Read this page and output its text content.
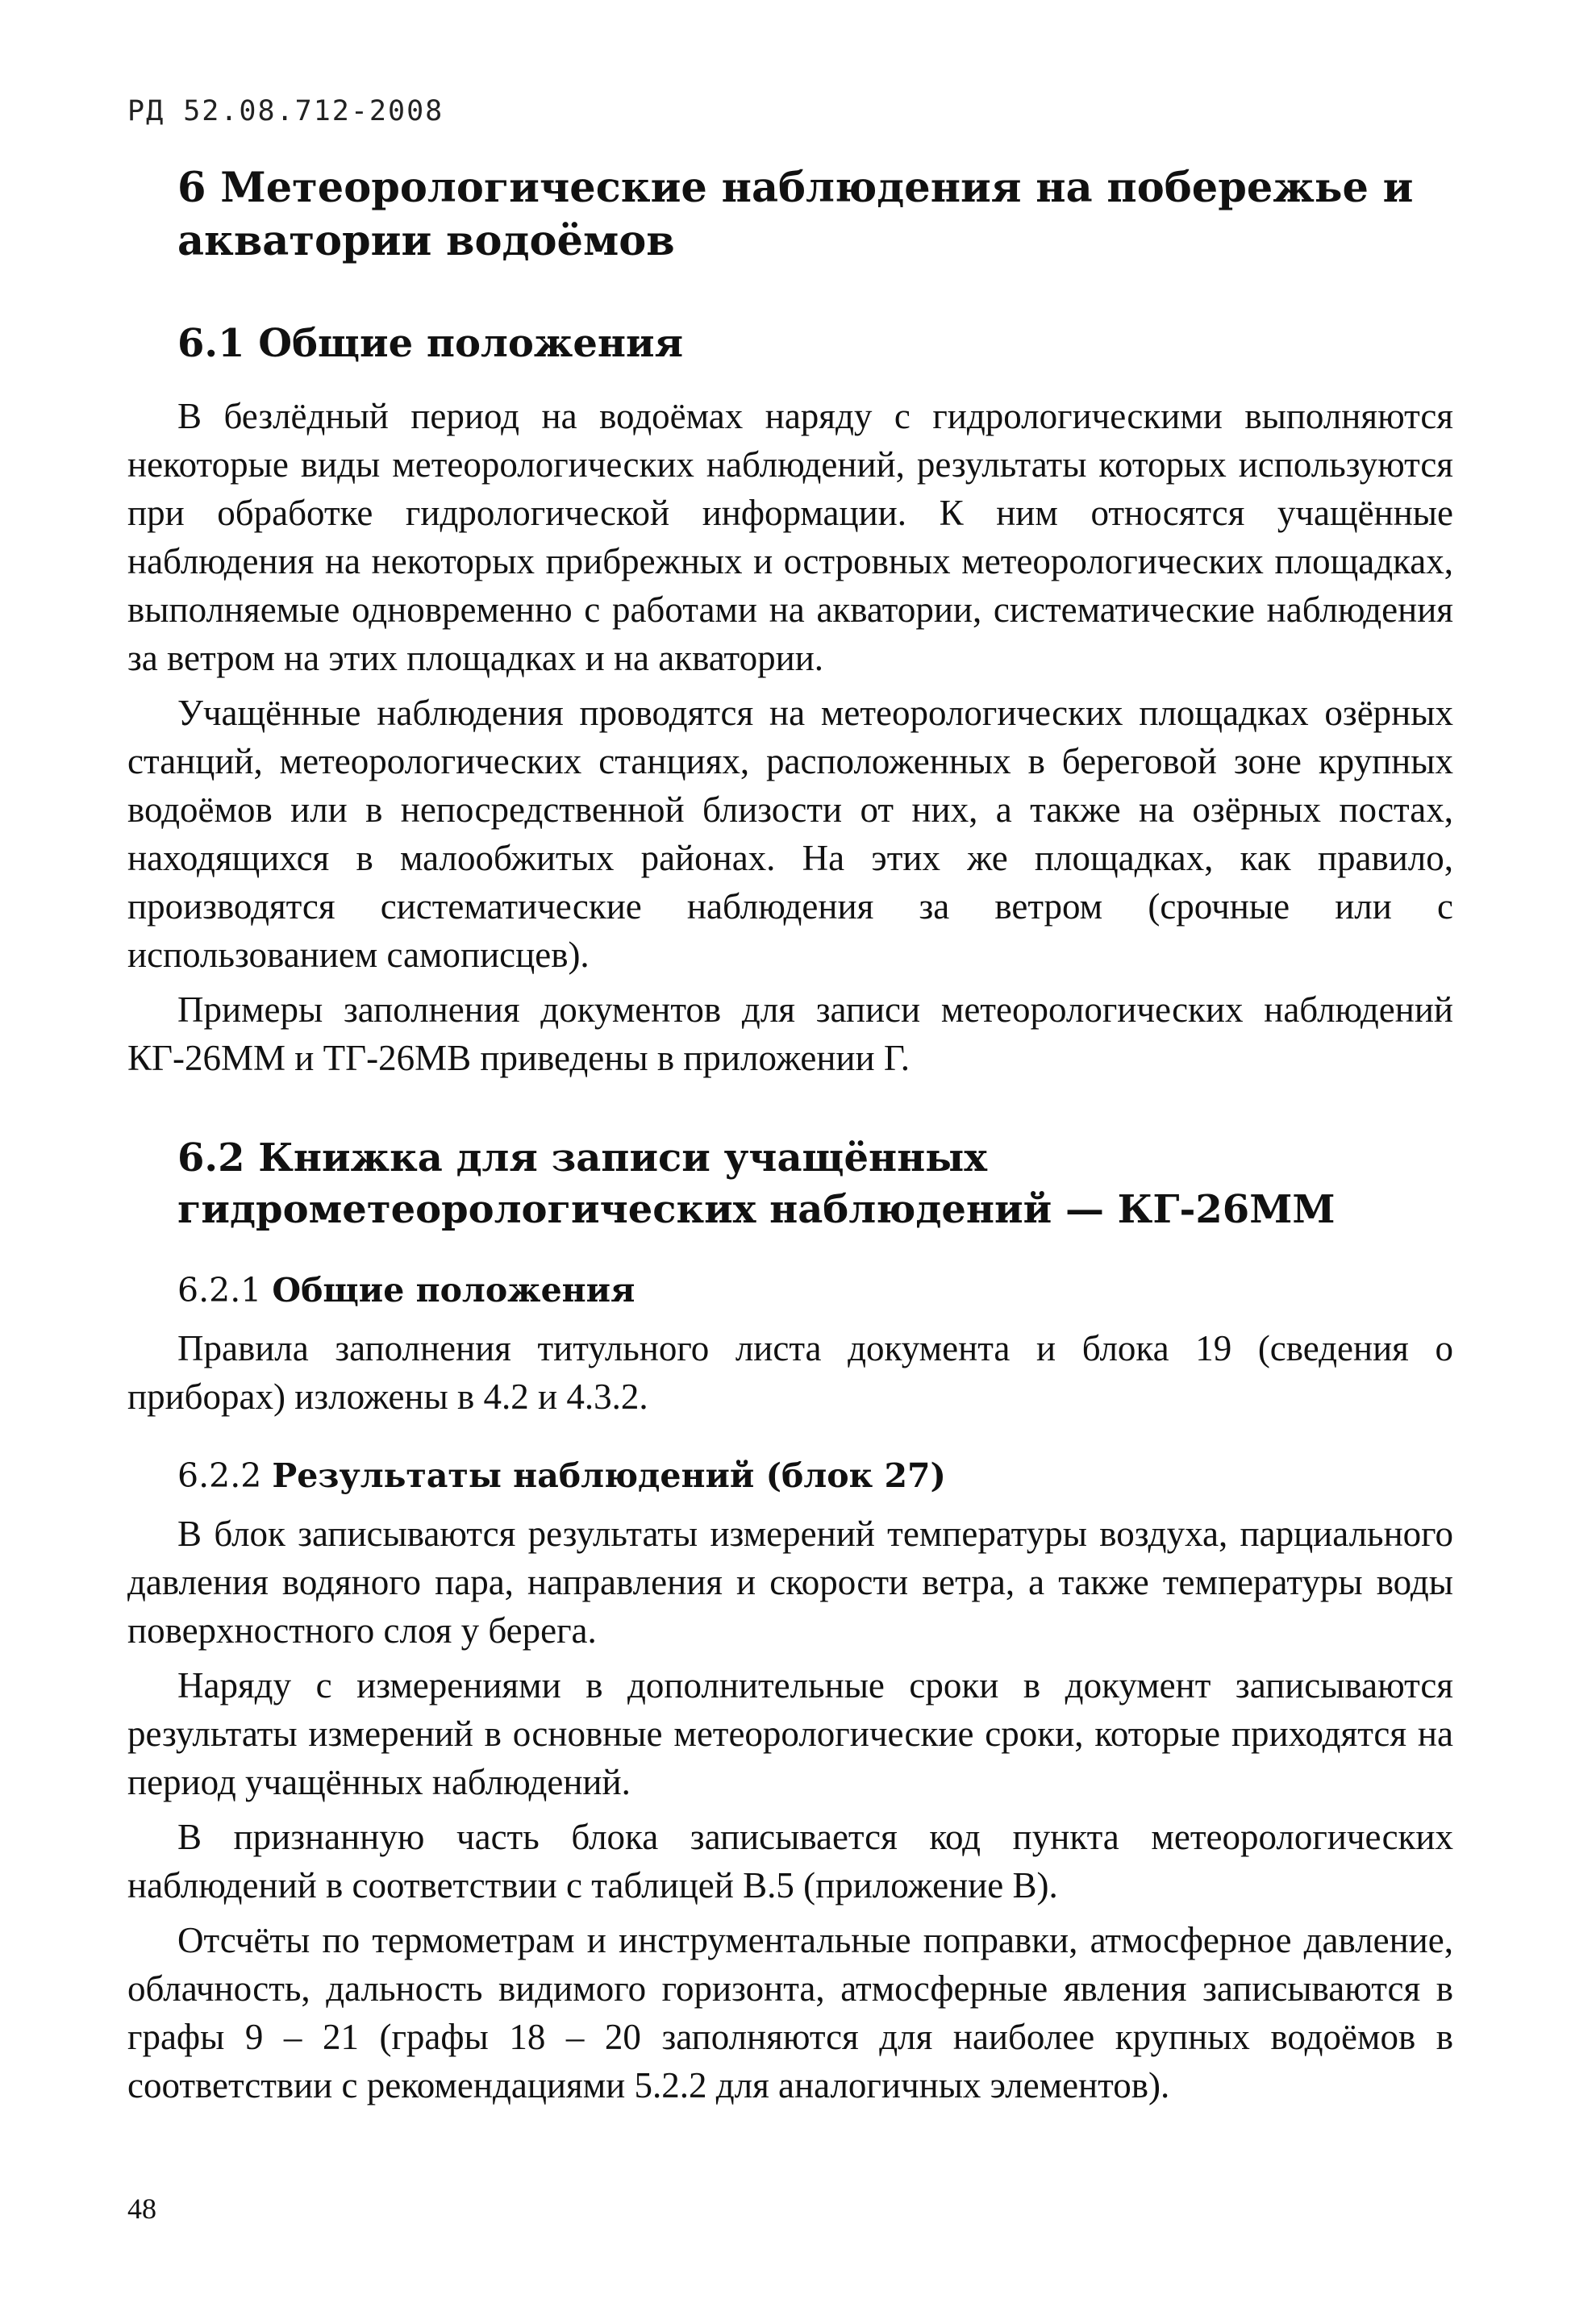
РД 52.08.712-2008
6 Метеорологические наблюдения на побережье и акватории водоёмов
6.1 Общие положения

В безлёдный период на водоёмах наряду с гидрологическими выполняются некоторые виды метеорологических наблюдений, результаты которых используются при обработке гидрологической информации. К ним относятся учащённые наблюдения на некоторых прибрежных и островных метеорологических площадках, выполняемые одновременно с работами на акватории, систематические наблюдения за ветром на этих площадках и на акватории.

Учащённые наблюдения проводятся на метеорологических площадках озёрных станций, метеорологических станциях, расположенных в береговой зоне крупных водоёмов или в непосредственной близости от них, а также на озёрных постах, находящихся в малообжитых районах. На этих же площадках, как правило, производятся систематические наблюдения за ветром (срочные или с использованием самописцев).

Примеры заполнения документов для записи метеорологических наблюдений КГ-26ММ и ТГ-26МВ приведены в приложении Г.

6.2 Книжка для записи учащённых гидрометеорологических наблюдений — КГ-26ММ
6.2.1 Общие положения

Правила заполнения титульного листа документа и блока 19 (сведения о приборах) изложены в 4.2 и 4.3.2.

6.2.2 Результаты наблюдений (блок 27)

В блок записываются результаты измерений температуры воздуха, парциального давления водяного пара, направления и скорости ветра, а также температуры воды поверхностного слоя у берега.

Наряду с измерениями в дополнительные сроки в документ записываются результаты измерений в основные метеорологические сроки, которые приходятся на период учащённых наблюдений.

В признанную часть блока записывается код пункта метеорологических наблюдений в соответствии с таблицей В.5 (приложение В).

Отсчёты по термометрам и инструментальные поправки, атмосферное давление, облачность, дальность видимого горизонта, атмосферные явления записываются в графы 9 – 21 (графы 18 – 20 заполняются для наиболее крупных водоёмов в соответствии с рекомендациями 5.2.2 для аналогичных элементов).

48
